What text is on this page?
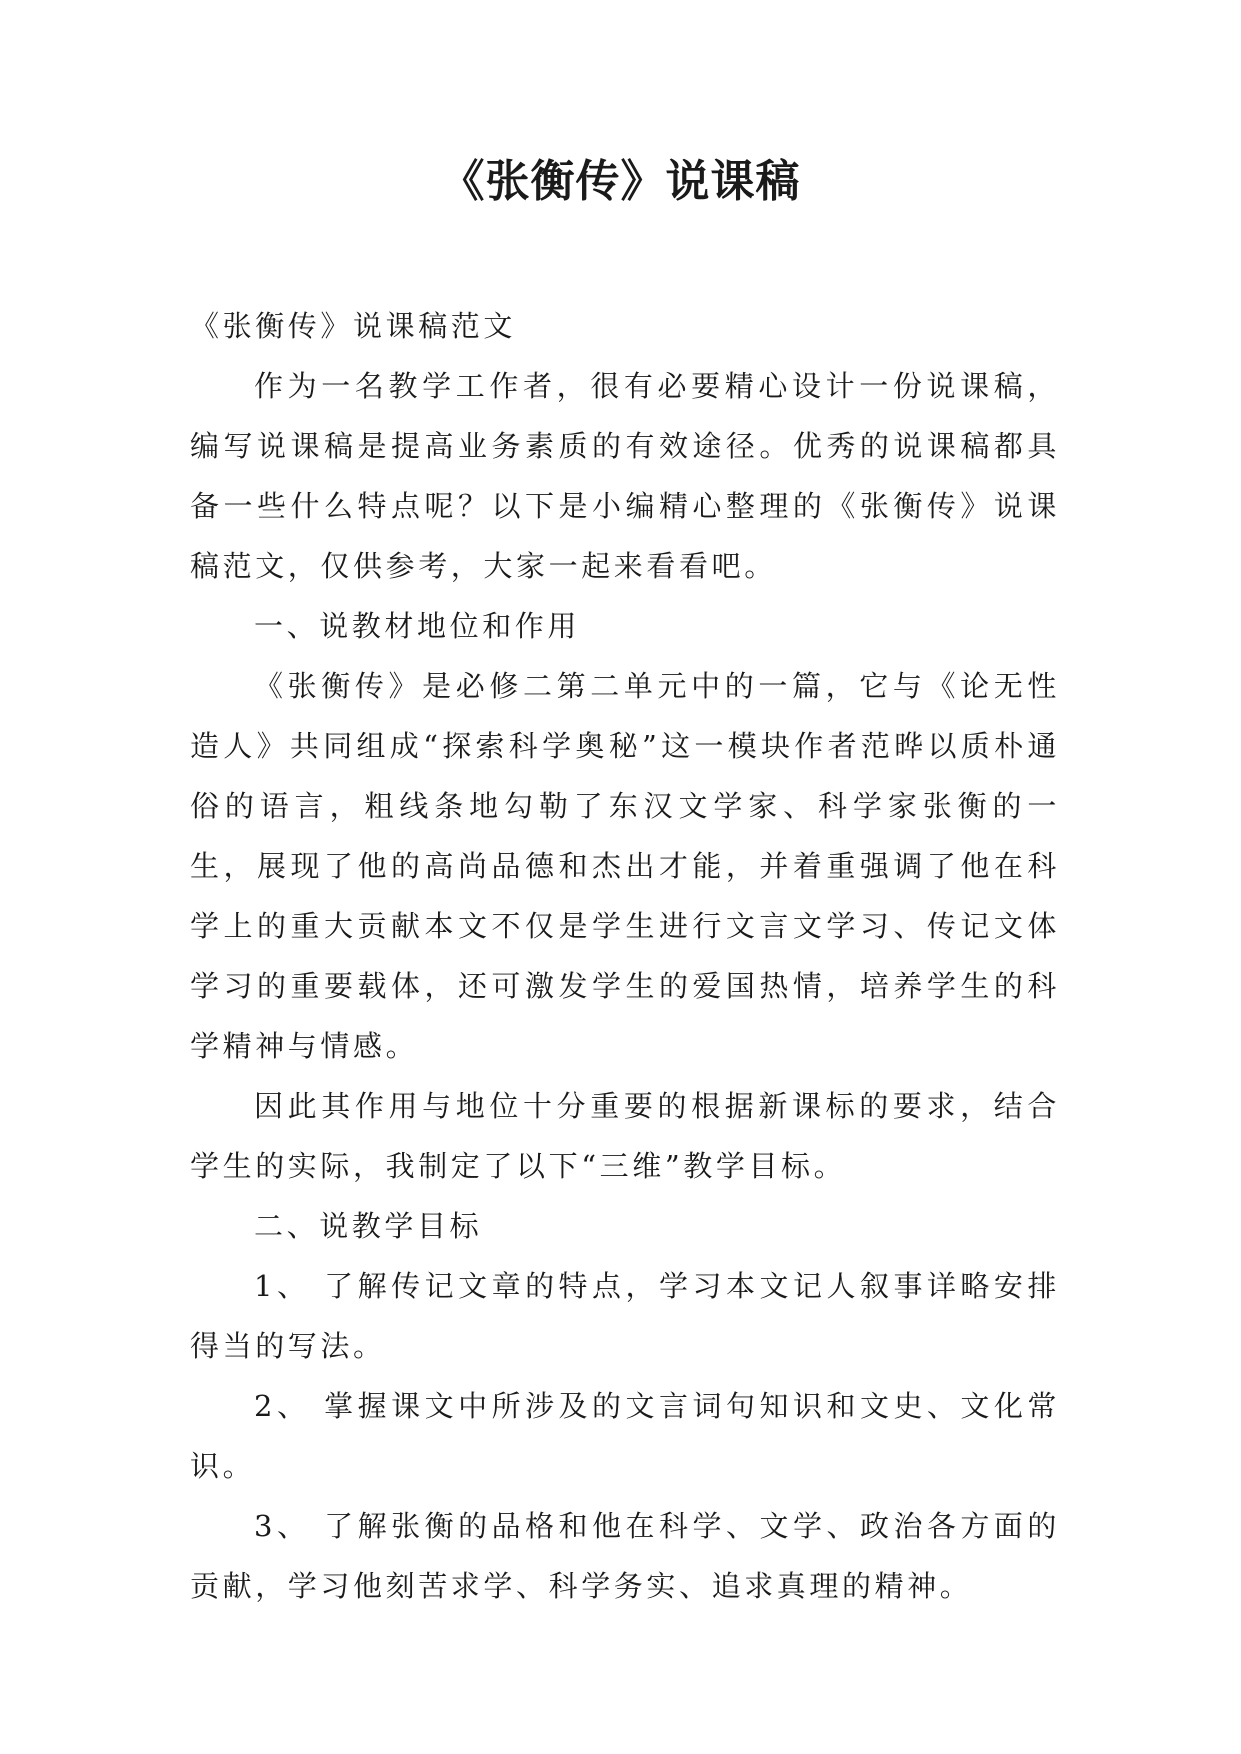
《张衡传》说课稿

《张衡传》说课稿范文

作为一名教学工作者，很有必要精心设计一份说课稿，编写说课稿是提高业务素质的有效途径。优秀的说课稿都具备一些什么特点呢？以下是小编精心整理的《张衡传》说课稿范文，仅供参考，大家一起来看看吧。

一、说教材地位和作用

《张衡传》是必修二第二单元中的一篇，它与《论无性造人》共同组成“探索科学奥秘”这一模块作者范晔以质朴通俗的语言，粗线条地勾勒了东汉文学家、科学家张衡的一生，展现了他的高尚品德和杰出才能，并着重强调了他在科学上的重大贡献本文不仅是学生进行文言文学习、传记文体学习的重要载体，还可激发学生的爱国热情，培养学生的科学精神与情感。

因此其作用与地位十分重要的根据新课标的要求，结合学生的实际，我制定了以下“三维”教学目标。

二、说教学目标

1、 了解传记文章的特点，学习本文记人叙事详略安排得当的写法。

2、 掌握课文中所涉及的文言词句知识和文史、文化常识。

3、 了解张衡的品格和他在科学、文学、政治各方面的贡献，学习他刻苦求学、科学务实、追求真理的精神。
